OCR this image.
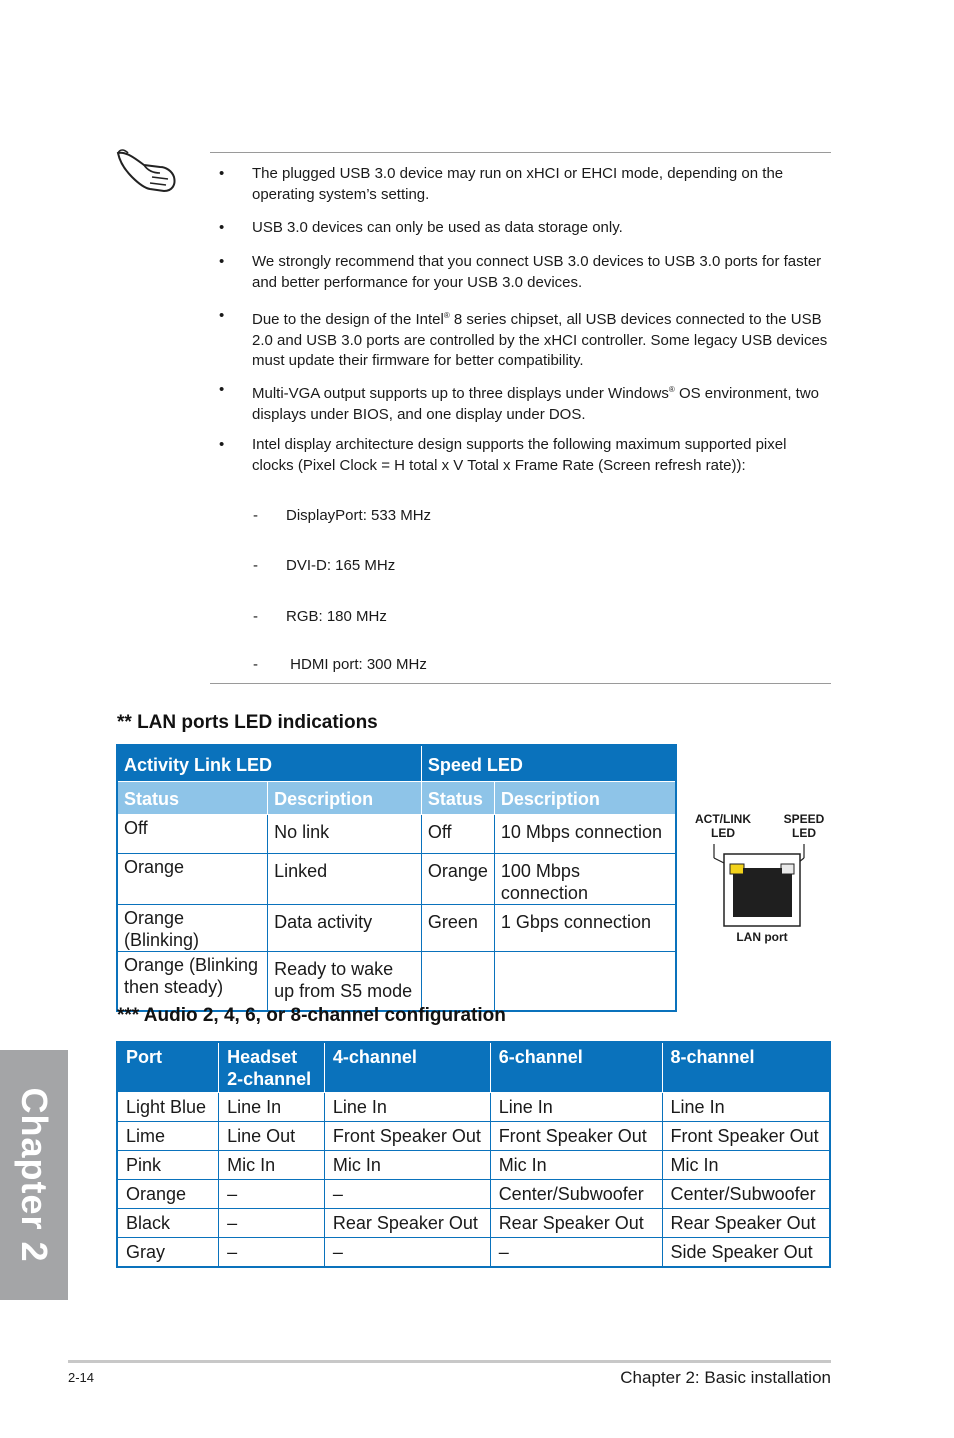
Chapter 2
• The plugged USB 3.0 device may run on xHCI or EHCI mode, depending on the operating system’s setting.
• USB 3.0 devices can only be used as data storage only.
• We strongly recommend that you connect USB 3.0 devices to USB 3.0 ports for faster and better performance for your USB 3.0 devices.
• Due to the design of the Intel® 8 series chipset, all USB devices connected to the USB 2.0 and USB 3.0 ports are controlled by the xHCI controller. Some legacy USB devices must update their firmware for better compatibility.
• Multi-VGA output supports up to three displays under Windows® OS environment, two displays under BIOS, and one display under DOS.
• Intel display architecture design supports the following maximum supported pixel clocks (Pixel Clock = H total x V Total x Frame Rate (Screen refresh rate)):
- DisplayPort: 533 MHz
- DVI-D: 165 MHz
- RGB: 180 MHz
- HDMI port: 300 MHz
** LAN ports LED indications
Activity Link LED		Speed LED	
Status	Description	Status	Description
Off	No link	Off	10 Mbps connection
Orange	Linked	Orange	100 Mbps connection
Orange (Blinking)	Data activity	Green	1 Gbps connection
Orange (Blinking then steady)	Ready to wake up from S5 mode		
ACT/LINK
LED
SPEED
LED
LAN port
*** Audio 2, 4, 6, or 8-channel configuration
Port	Headset 2-channel	4-channel	6-channel	8-channel
Light Blue	Line In	Line In	Line In	Line In
Lime	Line Out	Front Speaker Out	Front Speaker Out	Front Speaker Out
Pink	Mic In	Mic In	Mic In	Mic In
Orange	–	–	Center/Subwoofer	Center/Subwoofer
Black	–	Rear Speaker Out	Rear Speaker Out	Rear Speaker Out
Gray	–	–	–	Side Speaker Out
2-14	Chapter 2: Basic installation
